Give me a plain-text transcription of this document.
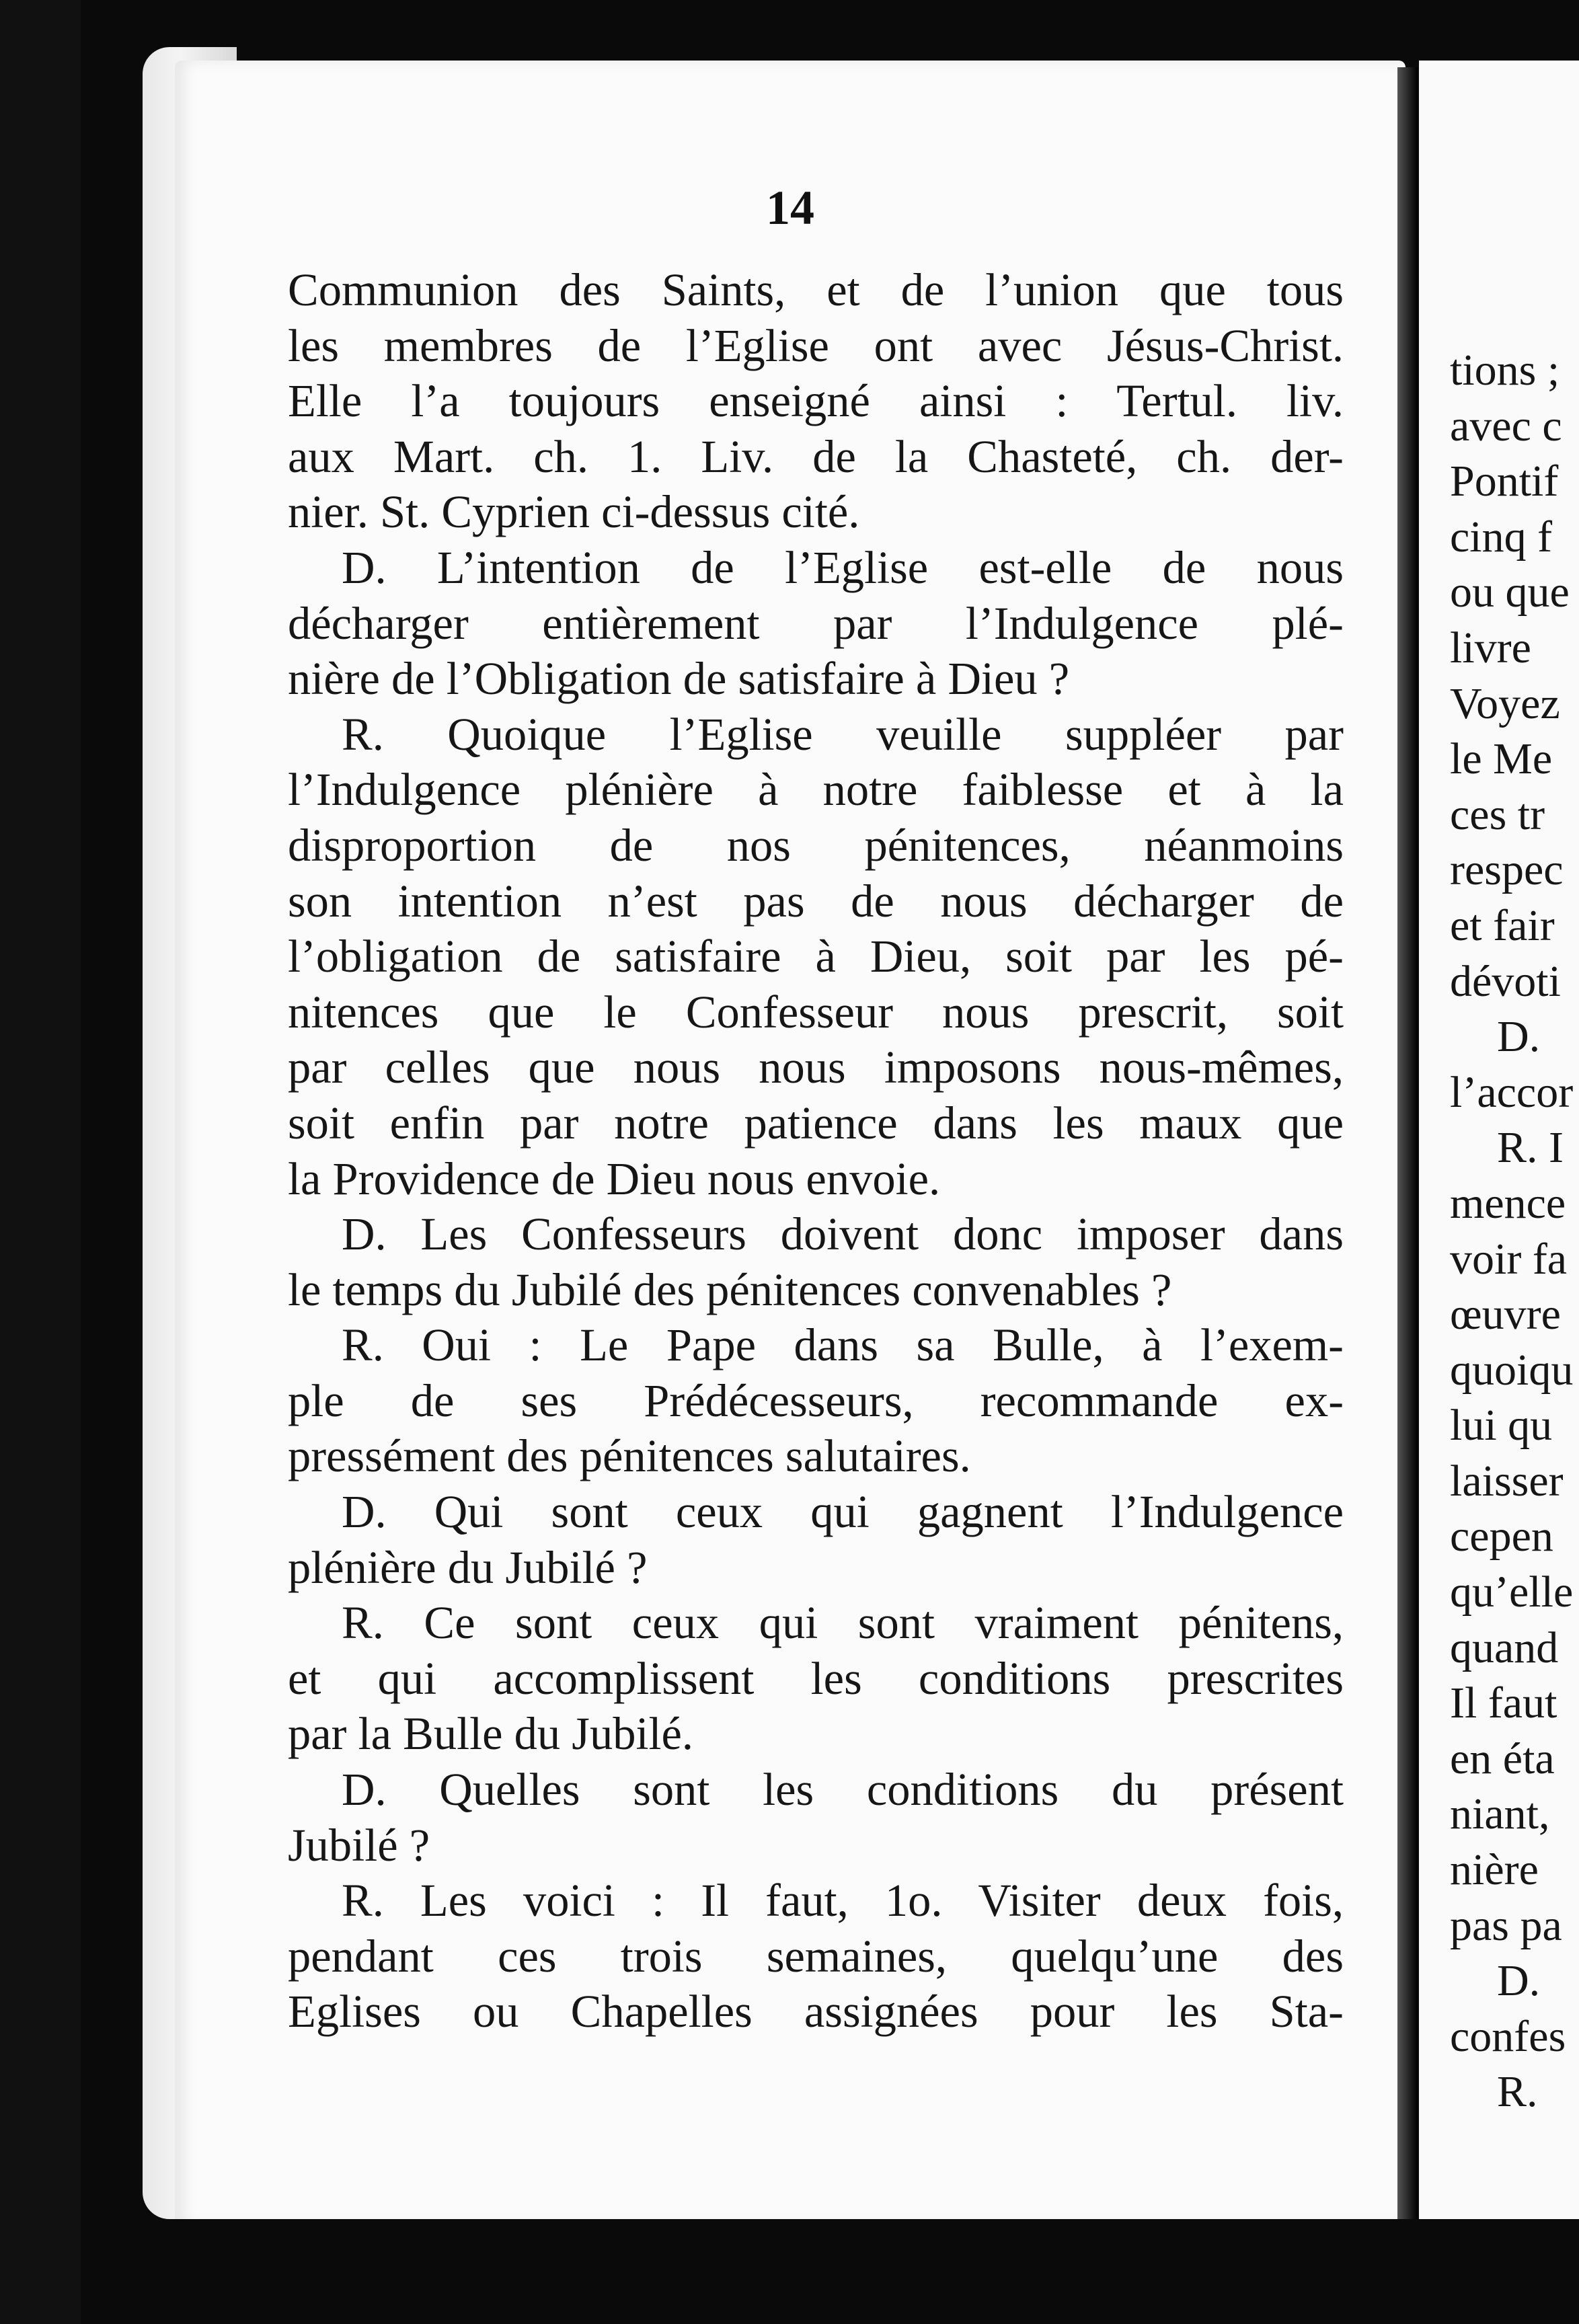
14
Communion des Saints, et de l’union que tous
les membres de l’Eglise ont avec Jésus-Christ.
Elle l’a toujours enseigné ainsi : Tertul. liv.
aux Mart. ch. 1. Liv. de la Chasteté, ch. der-
nier. St. Cyprien ci-dessus cité.
D. L’intention de l’Eglise est-elle de nous
décharger entièrement par l’Indulgence plé-
nière de l’Obligation de satisfaire à Dieu ?
R. Quoique l’Eglise veuille suppléer par
l’Indulgence plénière à notre faiblesse et à la
disproportion de nos pénitences, néanmoins
son intention n’est pas de nous décharger de
l’obligation de satisfaire à Dieu, soit par les pé-
nitences que le Confesseur nous prescrit, soit
par celles que nous nous imposons nous-mêmes,
soit enfin par notre patience dans les maux que
la Providence de Dieu nous envoie.
D. Les Confesseurs doivent donc imposer dans
le temps du Jubilé des pénitences convenables ?
R. Oui : Le Pape dans sa Bulle, à l’exem-
ple de ses Prédécesseurs, recommande ex-
pressément des pénitences salutaires.
D. Qui sont ceux qui gagnent l’Indulgence
plénière du Jubilé ?
R. Ce sont ceux qui sont vraiment pénitens,
et qui accomplissent les conditions prescrites
par la Bulle du Jubilé.
D. Quelles sont les conditions du présent
Jubilé ?
R. Les voici : Il faut, 1o. Visiter deux fois,
pendant ces trois semaines, quelqu’une des
Eglises ou Chapelles assignées pour les Sta-
tions ;
avec c
Pontif
cinq f
ou que
livre
Voyez
le Me
ces tr
respec
et fair
dévoti
D.
l’accor
R. I
mence
voir fa
œuvre
quoiqu
lui qu
laisser
cepen
qu’elle
quand
Il faut
en éta
niant,
nière
pas pa
D.
confes
R.
